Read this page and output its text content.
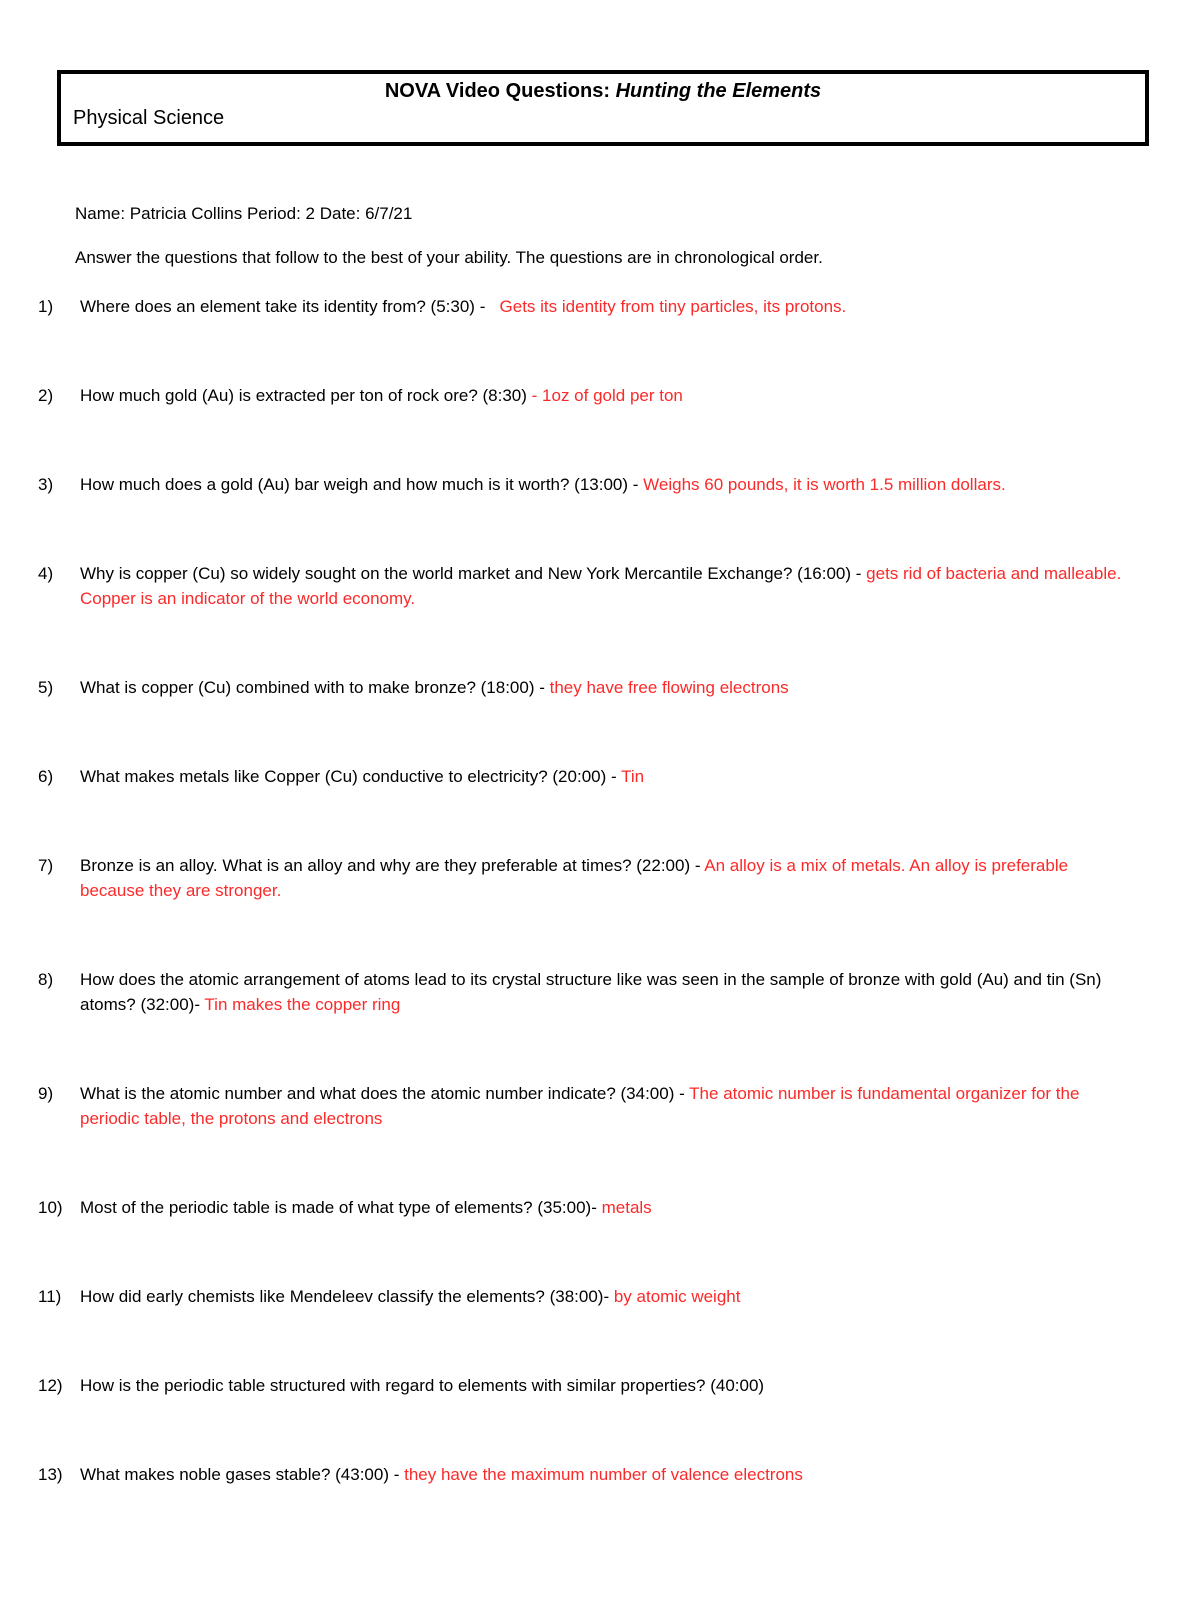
NOVA Video Questions: Hunting the Elements
Physical Science
Name: Patricia Collins Period: 2 Date: 6/7/21
Answer the questions that follow to the best of your ability. The questions are in chronological order.
1)	Where does an element take its identity from? (5:30) -   Gets its identity from tiny particles, its protons.
2)	How much gold (Au) is extracted per ton of rock ore? (8:30) - 1oz of gold per ton
3)	How much does a gold (Au) bar weigh and how much is it worth? (13:00) - Weighs 60 pounds, it is worth 1.5 million dollars.
4)	Why is copper (Cu) so widely sought on the world market and New York Mercantile Exchange? (16:00) - gets rid of bacteria and malleable. Copper is an indicator of the world economy.
5)	What is copper (Cu) combined with to make bronze? (18:00) - they have free flowing electrons
6)	What makes metals like Copper (Cu) conductive to electricity? (20:00) - Tin
7)	Bronze is an alloy. What is an alloy and why are they preferable at times? (22:00) - An alloy is a mix of metals. An alloy is preferable because they are stronger.
8)	How does the atomic arrangement of atoms lead to its crystal structure like was seen in the sample of bronze with gold (Au) and tin (Sn) atoms? (32:00)- Tin makes the copper ring
9)	What is the atomic number and what does the atomic number indicate? (34:00) - The atomic number is fundamental organizer for the periodic table, the protons and electrons
10)	Most of the periodic table is made of what type of elements? (35:00)- metals
11)	How did early chemists like Mendeleev classify the elements? (38:00)- by atomic weight
12)	How is the periodic table structured with regard to elements with similar properties? (40:00)
13)	What makes noble gases stable? (43:00) - they have the maximum number of valence electrons
